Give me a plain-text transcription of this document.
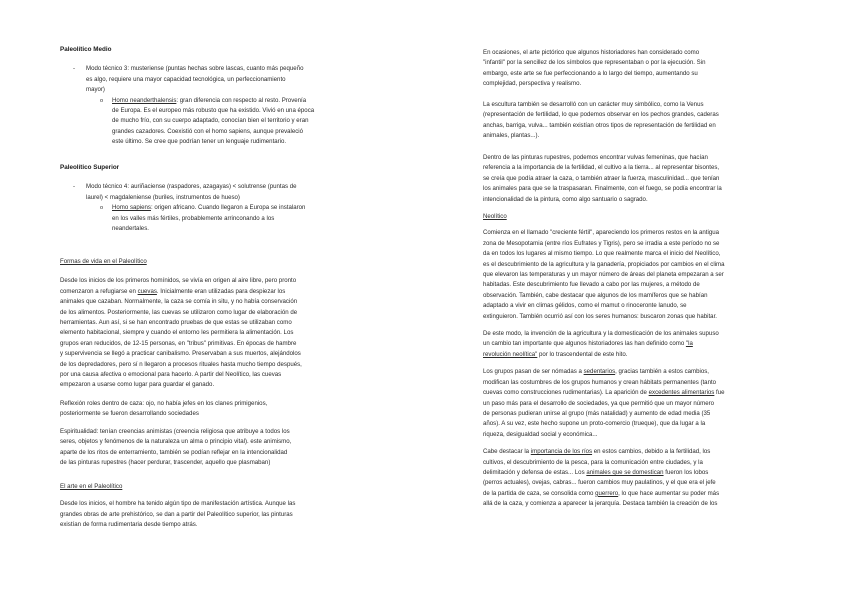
Paleolítico Medio

- Modo técnico 3: musteriense (puntas hechas sobre lascas, cuanto más pequeño

es algo, requiere una mayor capacidad tecnológica, un perfeccionamiento

mayor)

o Homo neanderthalensis: gran diferencia con respecto al resto. Provenía

de Europa. Es el europeo más robusto que ha existido. Vivió en una época

de mucho frío, con su cuerpo adaptado, conocían bien el territorio y eran

grandes cazadores. Coexistió con el homo sapiens, aunque prevaleció

este último. Se cree que podrían tener un lenguaje rudimentario.

Paleolítico Superior

- Modo técnico 4: auriñaciense (raspadores, azagayas) < solutrense (puntas de

laurel) < magdaleniense (buriles, instrumentos de hueso)

o Homo sapiens: origen africano. Cuando llegaron a Europa se instalaron

en los valles más fértiles, probablemente arrinconando a los

neandertales.

Formas de vida en el Paleolítico

Desde los inicios de los primeros homínidos, se vivía en origen al aire libre, pero pronto

comenzaron a refugiarse en cuevas. Inicialmente eran utilizadas para despiezar los

animales que cazaban. Normalmente, la caza se comía in situ, y no había conservación

de los alimentos. Posteriormente, las cuevas se utilizaron como lugar de elaboración de

herramientas. Aun así, si se han encontrado pruebas de que estas se utilizaban como

elemento habitacional, siempre y cuando el entorno les permitiera la alimentación. Los

grupos eran reducidos, de 12-15 personas, en "tribus" primitivas. En épocas de hambre

y supervivencia se llegó a practicar canibalismo. Preservaban a sus muertos, alejándolos

de los depredadores, pero sí n llegaron a procesos rituales hasta mucho tiempo después,

por una causa afectiva o emocional para hacerlo. A partir del Neolítico, las cuevas

empezaron a usarse como lugar para guardar el ganado.

Reflexión roles dentro de caza: ojo, no había jefes en los clanes primigenios,

posteriormente se fueron desarrollando sociedades

Espiritualidad: tenían creencias animistas (creencia religiosa que atribuye a todos los

seres, objetos y fenómenos de la naturaleza un alma o principio vital). este animismo,

aparte de los ritos de enterramiento, también se podían reflejar en la intencionalidad

de las pinturas rupestres (hacer perdurar, trascender, aquello que plasmaban)

El arte en el Paleolítico

Desde los inicios, el hombre ha tenido algún tipo de manifestación artística. Aunque las

grandes obras de arte prehistórico, se dan a partir del Paleolítico superior, las pinturas

existían de forma rudimentaria desde tiempo atrás.

En ocasiones, el arte pictórico que algunos historiadores han considerado como

"infantil" por la sencillez de los símbolos que representaban o por la ejecución. Sin

embargo, este arte se fue perfeccionando a lo largo del tiempo, aumentando su

complejidad, perspectiva y realismo.

La escultura también se desarrolló con un carácter muy simbólico, como la Venus

(representación de fertilidad, lo que podemos observar en los pechos grandes, caderas

anchas, barriga, vulva... también existían otros tipos de representación de fertilidad en

animales, plantas...).

Dentro de las pinturas rupestres, podemos encontrar vulvas femeninas, que hacían

referencia a la importancia de la fertilidad, el cultivo a la tierra... al representar bisontes,

se creía que podía atraer la caza, o también atraer la fuerza, masculinidad... que tenían

los animales para que se la traspasaran. Finalmente, con el fuego, se podía encontrar la

intencionalidad de la pintura, como algo santuario o sagrado.

Neolítico

Comienza en el llamado "creciente fértil", apareciendo los primeros restos en la antigua

zona de Mesopotamia (entre ríos Eufrates y Tigris), pero se irradia a este período no se

da en todos los lugares al mismo tiempo. Lo que realmente marca el inicio del Neolítico,

es el descubrimiento de la agricultura y la ganadería, propiciados por cambios en el clima

que elevaron las temperaturas y un mayor número de áreas del planeta empezaran a ser

habitadas. Este descubrimiento fue llevado a cabo por las mujeres, a método de

observación. También, cabe destacar que algunos de los mamíferos que se habían

adaptado a vivir en climas gélidos, como el mamut o rinoceronte lanudo, se

extinguieron. También ocurrió así con los seres humanos: buscaron zonas que habitar.

De este modo, la invención de la agricultura y la domesticación de los animales supuso

un cambio tan importante que algunos historiadores las han definido como "la

revolución neolítica" por lo trascendental de este hito.

Los grupos pasan de ser nómadas a sedentarios, gracias también a estos cambios,

modifican las costumbres de los grupos humanos y crean hábitats permanentes (tanto

cuevas como construcciones rudimentarias). La aparición de excedentes alimentarios fue

un paso más para el desarrollo de sociedades, ya que permitió que un mayor número

de personas pudieran unirse al grupo (más natalidad) y aumento de edad media (35

años). A su vez, este hecho supone un proto-comercio (trueque), que da lugar a la

riqueza, desigualdad social y económica...

Cabe destacar la importancia de los ríos en estos cambios, debido a la fertilidad, los

cultivos, el descubrimiento de la pesca, para la comunicación entre ciudades, y la

delimitación y defensa de estas... Los animales que se domestican fueron los lobos

(perros actuales), ovejas, cabras... fueron cambios muy paulatinos, y el que era el jefe

de la partida de caza, se consolida como guerrero, lo que hace aumentar su poder más

allá de la caza, y comienza a aparecer la jerarquía. Destaca también la creación de los
